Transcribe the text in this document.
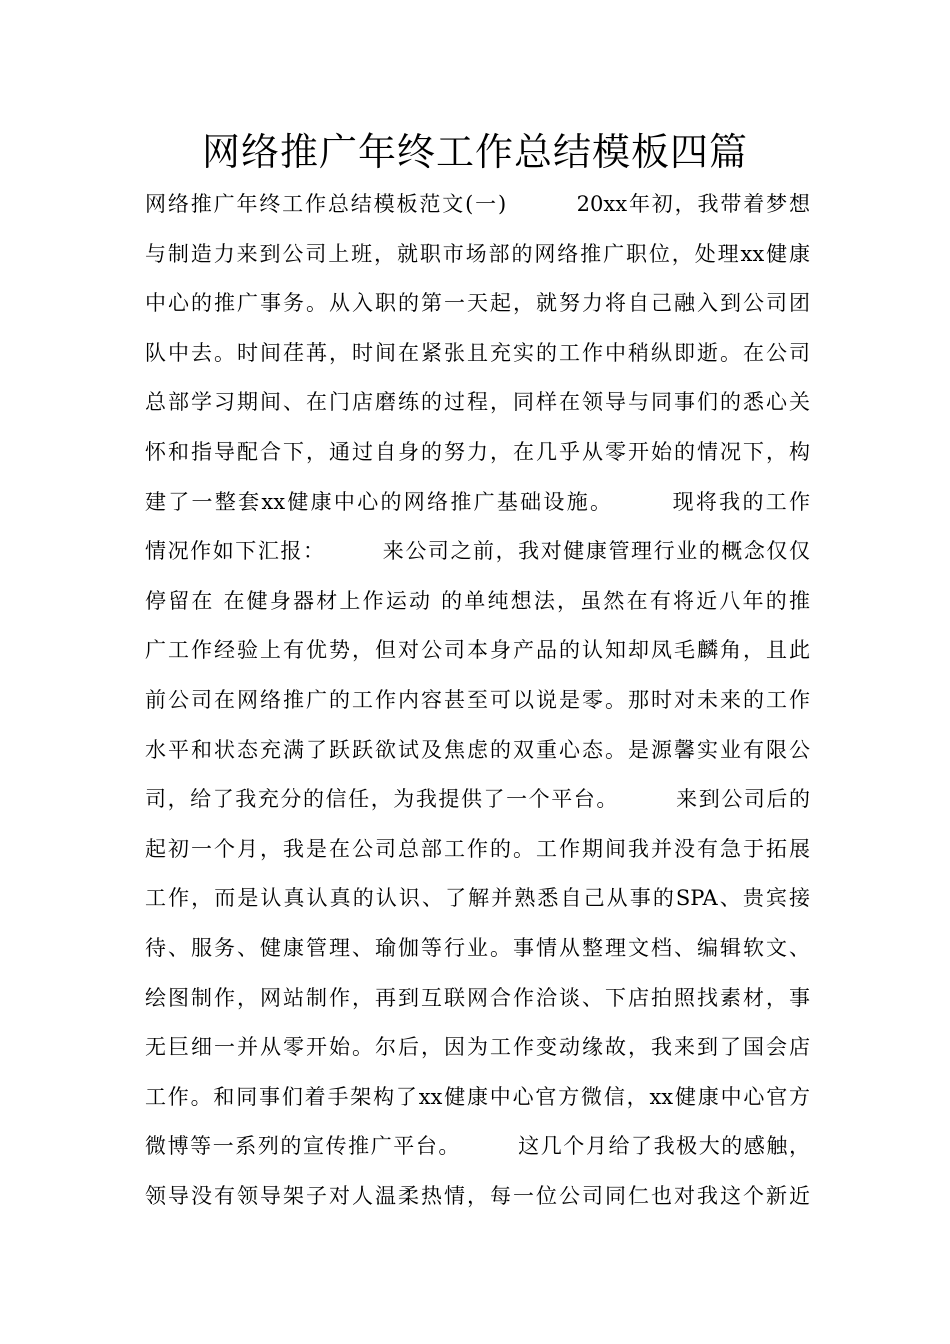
网络推广年终工作总结模板四篇
网络推广年终工作总结模板范文(一)　　　20xx年初，我带着梦想
与制造力来到公司上班，就职市场部的网络推广职位，处理xx健康
中心的推广事务。从入职的第一天起，就努力将自己融入到公司团
队中去。时间荏苒，时间在紧张且充实的工作中稍纵即逝。在公司
总部学习期间、在门店磨练的过程，同样在领导与同事们的悉心关
怀和指导配合下，通过自身的努力，在几乎从零开始的情况下，构
建了一整套xx健康中心的网络推广基础设施。　　　现将我的工作
情况作如下汇报：　　　来公司之前，我对健康管理行业的概念仅仅
停留在 在健身器材上作运动 的单纯想法，虽然在有将近八年的推
广工作经验上有优势，但对公司本身产品的认知却凤毛麟角，且此
前公司在网络推广的工作内容甚至可以说是零。那时对未来的工作
水平和状态充满了跃跃欲试及焦虑的双重心态。是源馨实业有限公
司，给了我充分的信任，为我提供了一个平台。　　　来到公司后的
起初一个月，我是在公司总部工作的。工作期间我并没有急于拓展
工作，而是认真认真的认识、了解并熟悉自己从事的SPA、贵宾接
待、服务、健康管理、瑜伽等行业。事情从整理文档、编辑软文、
绘图制作，网站制作，再到互联网合作洽谈、下店拍照找素材，事
无巨细一并从零开始。尔后，因为工作变动缘故，我来到了国会店
工作。和同事们着手架构了xx健康中心官方微信，xx健康中心官方
微博等一系列的宣传推广平台。　　　这几个月给了我极大的感触，
领导没有领导架子对人温柔热情，每一位公司同仁也对我这个新近
